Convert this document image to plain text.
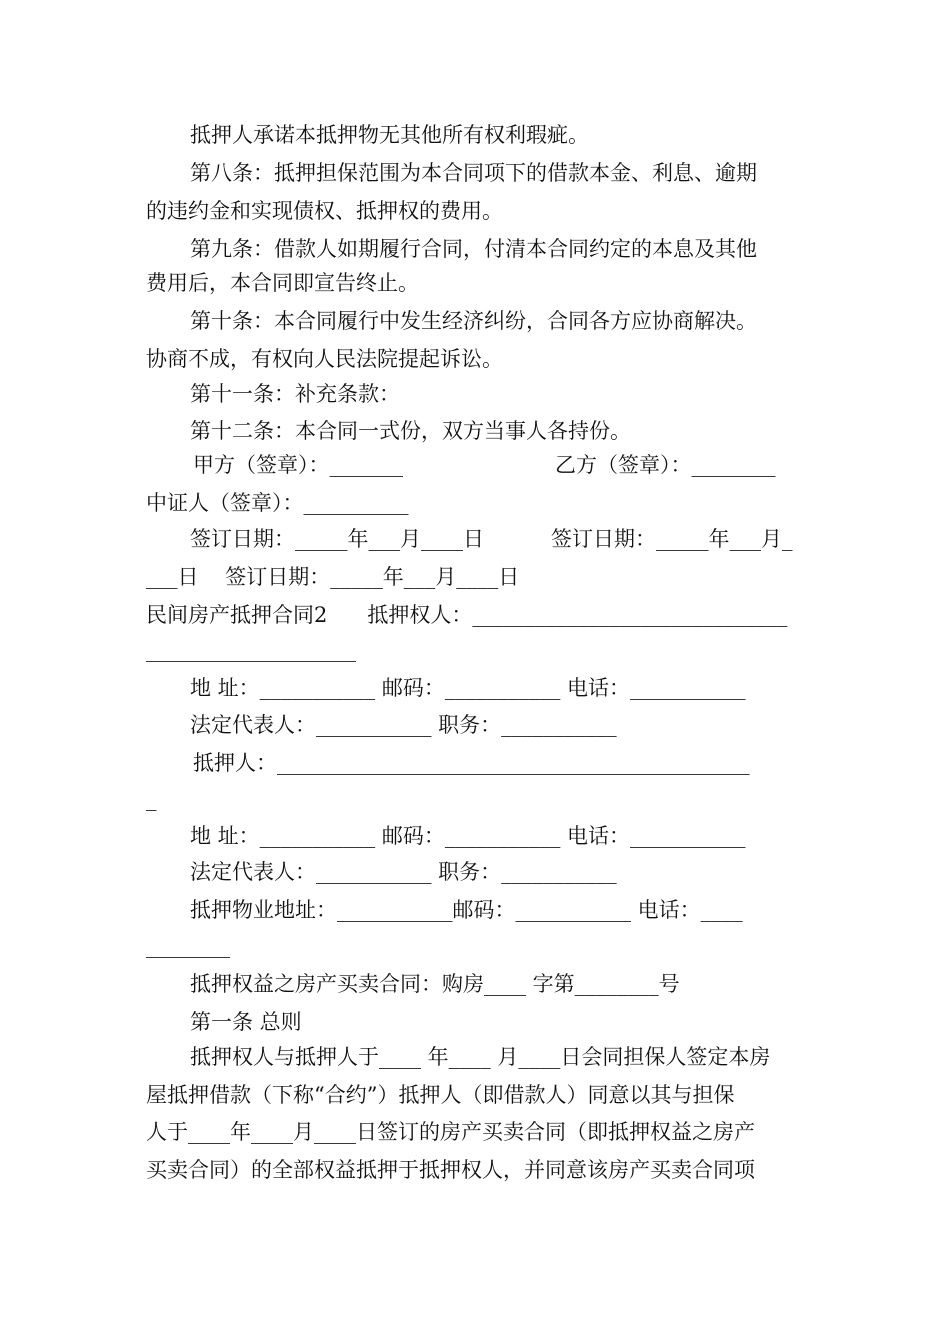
抵押人承诺本抵押物无其他所有权利瑕疵。
第八条：抵押担保范围为本合同项下的借款本金、利息、逾期
的违约金和实现债权、抵押权的费用。
第九条：借款人如期履行合同，付清本合同约定的本息及其他
费用后，本合同即宣告终止。
第十条：本合同履行中发生经济纠纷，合同各方应协商解决。
协商不成，有权向人民法院提起诉讼。
第十一条：补充条款：
第十二条：本合同一式份，双方当事人各持份。
甲方（签章）：_______	乙方（签章）：________
中证人（签章）：__________
签订日期：_____年___月____日	签订日期：_____年___月_
___日    签订日期：_____年___月____日
民间房产抵押合同2      抵押权人：______________________________
____________________
地 址：___________ 邮码：___________ 电话：___________
法定代表人：___________ 职务：___________
抵押人：_____________________________________________
_
地 址：___________ 邮码：___________ 电话：___________
法定代表人：___________ 职务：___________
抵押物业地址：___________邮码：___________ 电话：____
________
抵押权益之房产买卖合同：购房____ 字第________号
第一条 总则
抵押权人与抵押人于____ 年____ 月____日会同担保人签定本房
屋抵押借款（下称“合约”）抵押人（即借款人）同意以其与担保
人于____年____月____日签订的房产买卖合同（即抵押权益之房产
买卖合同）的全部权益抵押于抵押权人，并同意该房产买卖合同项
